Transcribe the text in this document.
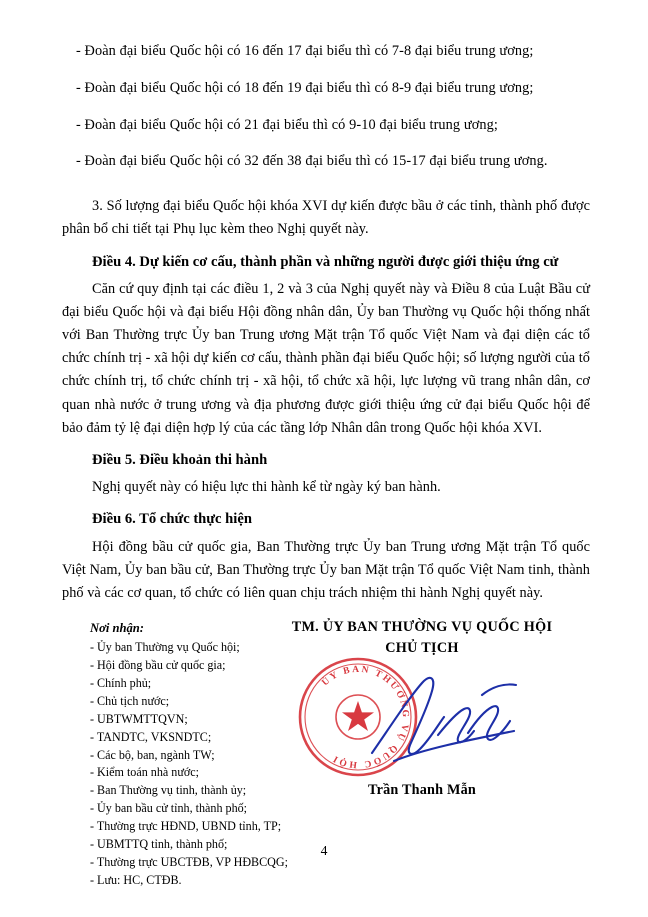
- Đoàn đại biểu Quốc hội có 16 đến 17 đại biểu thì có 7-8 đại biểu trung ương;
- Đoàn đại biểu Quốc hội có 18 đến 19 đại biểu thì có 8-9 đại biểu trung ương;
- Đoàn đại biểu Quốc hội có 21 đại biểu thì có 9-10 đại biểu trung ương;
- Đoàn đại biểu Quốc hội có 32 đến 38 đại biểu thì có 15-17 đại biểu trung ương.

3. Số lượng đại biểu Quốc hội khóa XVI dự kiến được bầu ở các tỉnh, thành phố được phân bổ chi tiết tại Phụ lục kèm theo Nghị quyết này.

Điều 4. Dự kiến cơ cấu, thành phần và những người được giới thiệu ứng cử

Căn cứ quy định tại các điều 1, 2 và 3 của Nghị quyết này và Điều 8 của Luật Bầu cử đại biểu Quốc hội và đại biểu Hội đồng nhân dân, Ủy ban Thường vụ Quốc hội thống nhất với Ban Thường trực Ủy ban Trung ương Mặt trận Tổ quốc Việt Nam và đại diện các tổ chức chính trị - xã hội dự kiến cơ cấu, thành phần đại biểu Quốc hội; số lượng người của tổ chức chính trị, tổ chức chính trị - xã hội, tổ chức xã hội, lực lượng vũ trang nhân dân, cơ quan nhà nước ở trung ương và địa phương được giới thiệu ứng cử đại biểu Quốc hội để bảo đảm tỷ lệ đại diện hợp lý của các tầng lớp Nhân dân trong Quốc hội khóa XVI.

Điều 5. Điều khoản thi hành

Nghị quyết này có hiệu lực thi hành kể từ ngày ký ban hành.

Điều 6. Tổ chức thực hiện

Hội đồng bầu cử quốc gia, Ban Thường trực Ủy ban Trung ương Mặt trận Tổ quốc Việt Nam, Ủy ban bầu cử, Ban Thường trực Ủy ban Mặt trận Tổ quốc Việt Nam tinh, thành phố và các cơ quan, tổ chức có liên quan chịu trách nhiệm thi hành Nghị quyết này.

Nơi nhận:
- Ủy ban Thường vụ Quốc hội;
- Hội đồng bầu cử quốc gia;
- Chính phủ;
- Chủ tịch nước;
- UBTWMTTQVN;
- TANDTC, VKSNDTC;
- Các bộ, ban, ngành TW;
- Kiểm toán nhà nước;
- Ban Thường vụ tinh, thành ủy;
- Ủy ban bầu cử tỉnh, thành phố;
- Thường trực HĐND, UBND tỉnh, TP;
- UBMTTQ tỉnh, thành phố;
- Thường trực UBCTĐB, VP HĐBCQG;
- Lưu: HC, CTĐB.
TM. ỦY BAN THƯỜNG VỤ QUỐC HỘI
CHỦ TỊCH
ỦY BAN THƯỜNG VỤ QUỐC HỘI
Trần Thanh Mẫn
4
